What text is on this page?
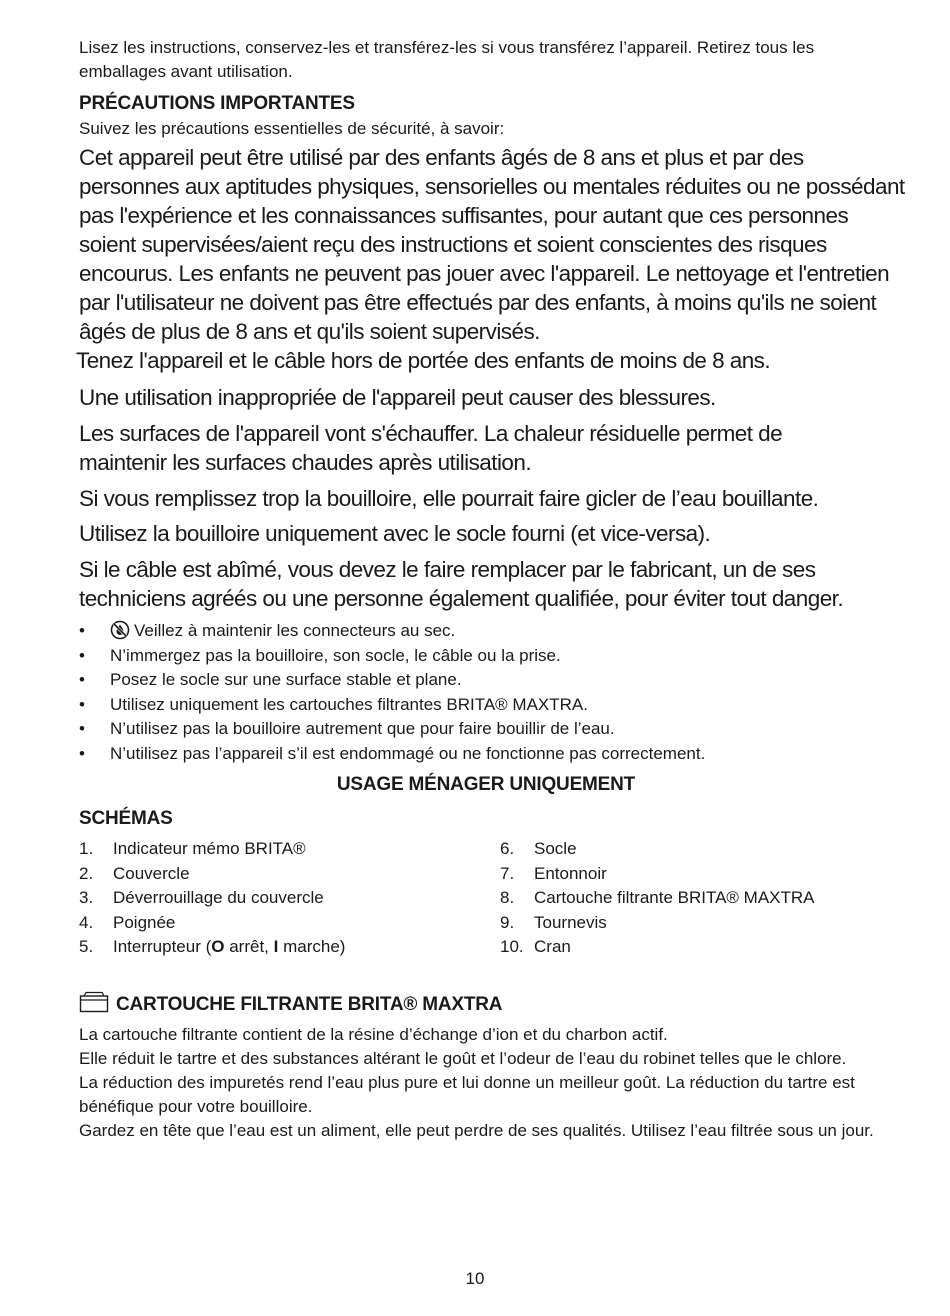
Lisez les instructions, conservez-les et transférez-les si vous transférez l’appareil. Retirez tous les emballages avant utilisation.

PRÉCAUTIONS IMPORTANTES

Suivez les précautions essentielles de sécurité, à savoir:

Cet appareil peut être utilisé par des enfants âgés de 8 ans et plus et par des personnes aux aptitudes physiques, sensorielles ou mentales réduites ou ne possédant pas l'expérience et les connaissances suffisantes, pour autant que ces personnes soient supervisées/aient reçu des instructions et soient conscientes des risques encourus. Les enfants ne peuvent pas jouer avec l'appareil. Le nettoyage et l'entretien par l'utilisateur ne doivent pas être effectués par des enfants, à moins qu'ils ne soient âgés de plus de 8 ans et qu'ils soient supervisés.

Tenez l'appareil et le câble hors de portée des enfants de moins de 8 ans.

Une utilisation inappropriée de l'appareil peut causer des blessures.

Les surfaces de l'appareil vont s'échauffer. La chaleur résiduelle permet de maintenir les surfaces chaudes après utilisation.

Si vous remplissez trop la bouilloire, elle pourrait faire gicler de l’eau bouillante.

Utilisez la bouilloire uniquement avec le socle fourni (et vice-versa).

Si le câble est abîmé, vous devez le faire remplacer par le fabricant, un de ses techniciens agréés ou une personne également qualifiée, pour éviter tout danger.

•	Veillez à maintenir les connecteurs au sec.
• N’immergez pas la bouilloire, son socle, le câble ou la prise.
• Posez le socle sur une surface stable et plane.
• Utilisez uniquement les cartouches filtrantes BRITA® MAXTRA.
• N’utilisez pas la bouilloire autrement que pour faire bouillir de l’eau.
• N’utilisez pas l’appareil s’il est endommagé ou ne fonctionne pas correctement.

USAGE MÉNAGER UNIQUEMENT

SCHÉMAS

1. Indicateur mémo BRITA®
2. Couvercle
3. Déverrouillage du couvercle
4. Poignée
5. Interrupteur (O arrêt, I marche)
6. Socle
7. Entonnoir
8. Cartouche filtrante BRITA® MAXTRA
9. Tournevis
10. Cran
CARTOUCHE FILTRANTE BRITA® MAXTRA

La cartouche filtrante contient de la résine d’échange d’ion et du charbon actif.

Elle réduit le tartre et des substances altérant le goût et l’odeur de l’eau du robinet telles que le chlore.

La réduction des impuretés rend l’eau plus pure et lui donne un meilleur goût. La réduction du tartre est bénéfique pour votre bouilloire.

Gardez en tête que l’eau est un aliment, elle peut perdre de ses qualités. Utilisez l’eau filtrée sous un jour.

10
